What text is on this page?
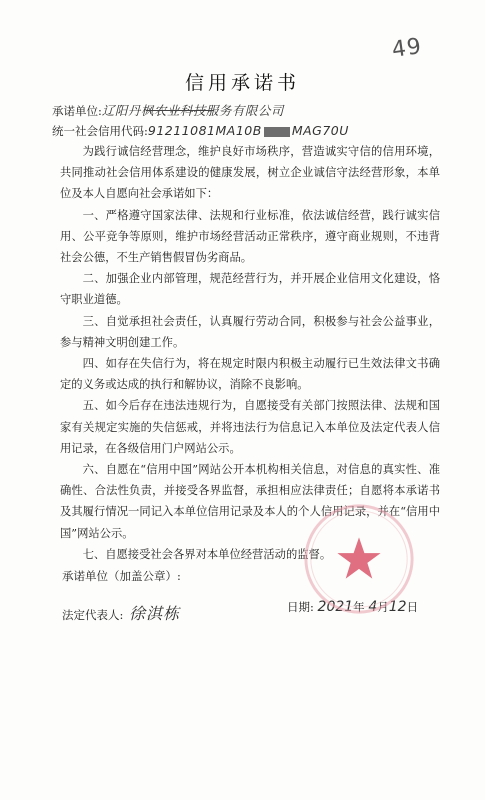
49
信用承诺书
承诺单位:辽阳丹枫农业科技服务有限公司
统一社会信用代码:91211081MA10B MAG70U

为践行诚信经营理念，维护良好市场秩序，营造诚实守信的信用环境，共同推动社会信用体系建设的健康发展，树立企业诚信守法经营形象，本单位及本人自愿向社会承诺如下：

一、严格遵守国家法律、法规和行业标准，依法诚信经营，践行诚实信用、公平竞争等原则，维护市场经营活动正常秩序，遵守商业规则，不违背社会公德，不生产销售假冒伪劣商品。

二、加强企业内部管理，规范经营行为，并开展企业信用文化建设，恪守职业道德。

三、自觉承担社会责任，认真履行劳动合同，积极参与社会公益事业，参与精神文明创建工作。

四、如存在失信行为，将在规定时限内积极主动履行已生效法律文书确定的义务或达成的执行和解协议，消除不良影响。

五、如今后存在违法违规行为，自愿接受有关部门按照法律、法规和国家有关规定实施的失信惩戒，并将违法行为信息记入本单位及法定代表人信用记录，在各级信用门户网站公示。

六、自愿在“信用中国”网站公开本机构相关信息，对信息的真实性、准确性、合法性负责，并接受各界监督，承担相应法律责任；自愿将本承诺书及其履行情况一同记入本单位信用记录及本人的个人信用记录，并在“信用中国”网站公示。

七、自愿接受社会各界对本单位经营活动的监督。

承诺单位（加盖公章）:
法定代表人: 徐淇栋	日期: 2021年 4月12日
